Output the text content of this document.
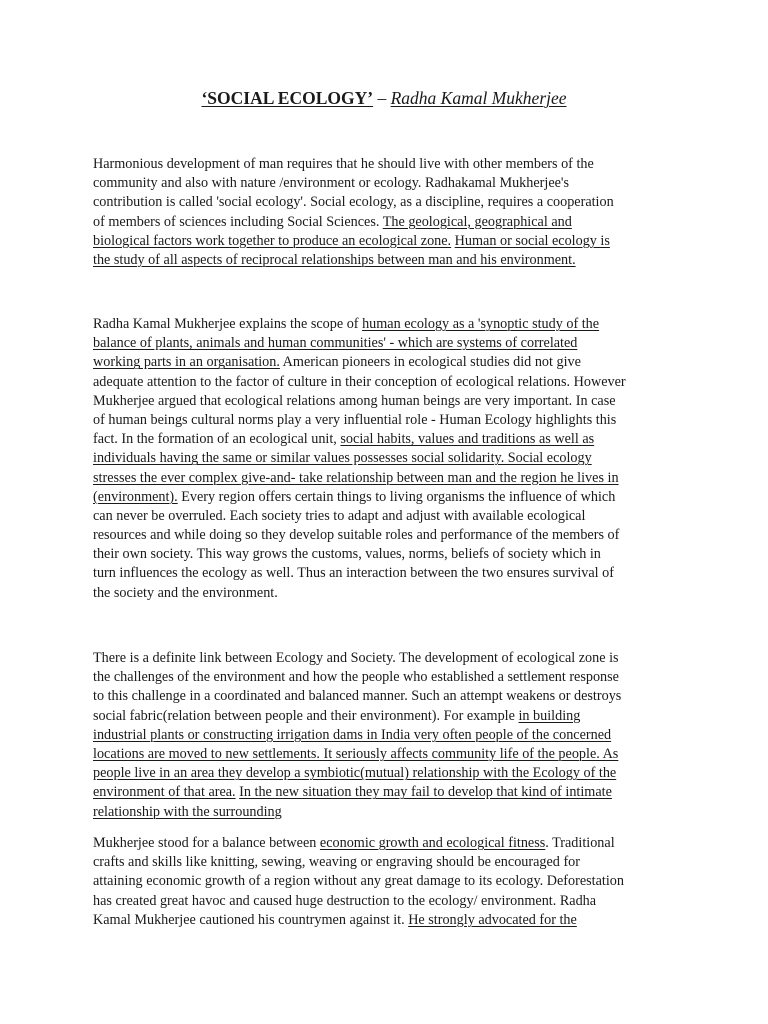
‘SOCIAL ECOLOGY’ – Radha Kamal Mukherjee
Harmonious development of man requires that he should live with other members of the
community and also with nature /environment or ecology. Radhakamal Mukherjee's
contribution is called 'social ecology'. Social ecology, as a discipline, requires a cooperation
of members of sciences including Social Sciences. The geological, geographical and
biological factors work together to produce an ecological zone. Human or social ecology is
the study of all aspects of reciprocal relationships between man and his environment.
Radha Kamal Mukherjee explains the scope of human ecology as a 'synoptic study of the
balance of plants, animals and human communities' - which are systems of correlated
working parts in an organisation. American pioneers in ecological studies did not give
adequate attention to the factor of culture in their conception of ecological relations. However
Mukherjee argued that ecological relations among human beings are very important. In case
of human beings cultural norms play a very influential role - Human Ecology highlights this
fact. In the formation of an ecological unit, social habits, values and traditions as well as
individuals having the same or similar values possesses social solidarity. Social ecology
stresses the ever complex give-and- take relationship between man and the region he lives in
(environment). Every region offers certain things to living organisms the influence of which
can never be overruled. Each society tries to adapt and adjust with available ecological
resources and while doing so they develop suitable roles and performance of the members of
their own society. This way grows the customs, values, norms, beliefs of society which in
turn influences the ecology as well. Thus an interaction between the two ensures survival of
the society and the environment.
There is a definite link between Ecology and Society. The development of ecological zone is
the challenges of the environment and how the people who established a settlement response
to this challenge in a coordinated and balanced manner. Such an attempt weakens or destroys
social fabric(relation between people and their environment). For example in building
industrial plants or constructing irrigation dams in India very often people of the concerned
locations are moved to new settlements. It seriously affects community life of the people. As
people live in an area they develop a symbiotic(mutual) relationship with the Ecology of the
environment of that area. In the new situation they may fail to develop that kind of intimate
relationship with the surrounding
Mukherjee stood for a balance between economic growth and ecological fitness. Traditional
crafts and skills like knitting, sewing, weaving or engraving should be encouraged for
attaining economic growth of a region without any great damage to its ecology. Deforestation
has created great havoc and caused huge destruction to the ecology/ environment. Radha
Kamal Mukherjee cautioned his countrymen against it. He strongly advocated for the
